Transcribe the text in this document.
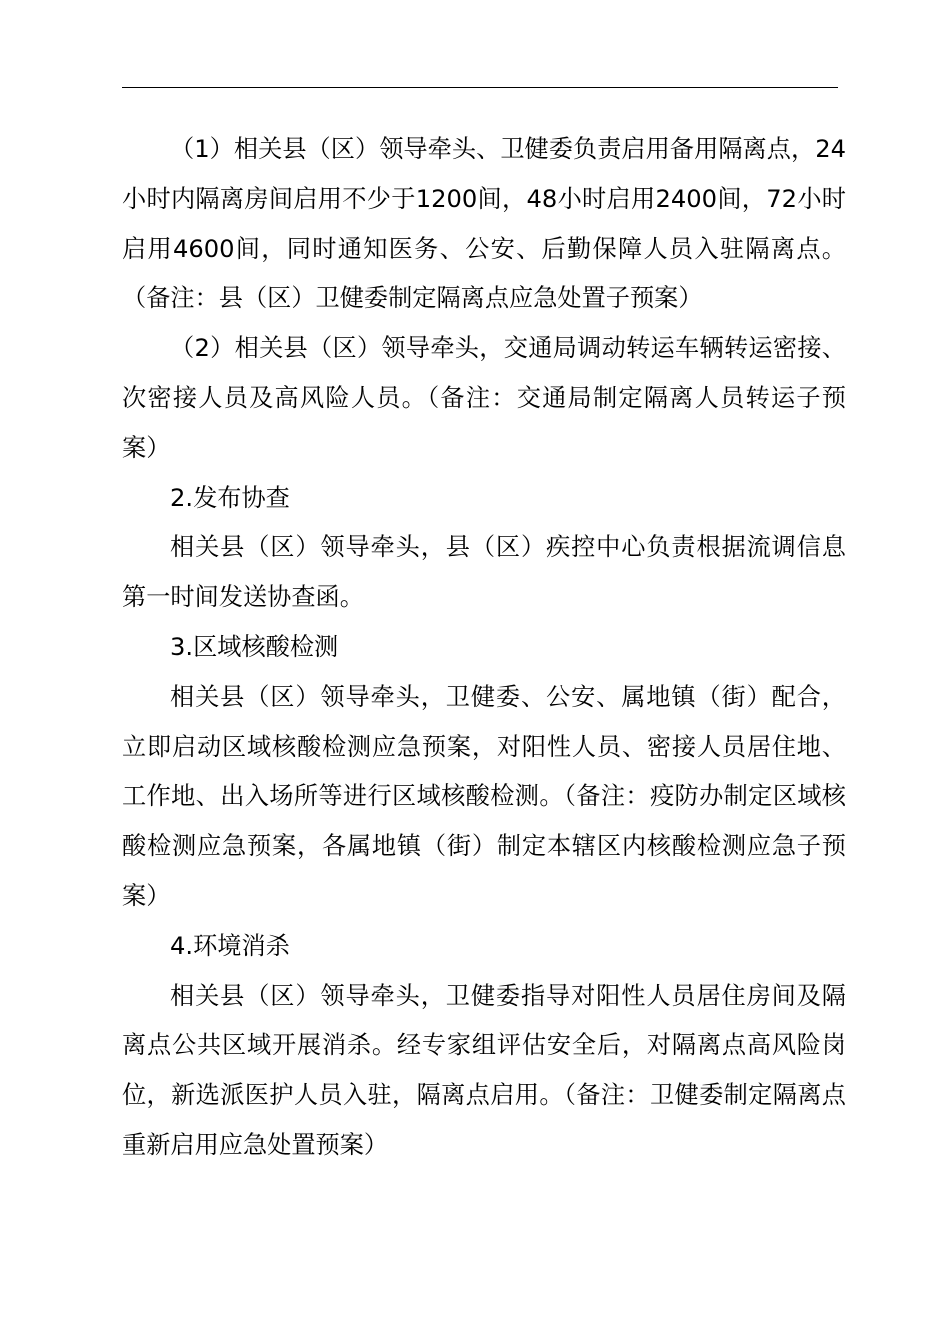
（1）相关县（区）领导牵头、卫健委负责启用备用隔离点，24小时内隔离房间启用不少于1200间，48小时启用2400间，72小时启用4600间，同时通知医务、公安、后勤保障人员入驻隔离点。（备注：县（区）卫健委制定隔离点应急处置子预案）

（2）相关县（区）领导牵头，交通局调动转运车辆转运密接、次密接人员及高风险人员。（备注：交通局制定隔离人员转运子预案）

2.发布协查

相关县（区）领导牵头，县（区）疾控中心负责根据流调信息第一时间发送协查函。

3.区域核酸检测

相关县（区）领导牵头，卫健委、公安、属地镇（街）配合，立即启动区域核酸检测应急预案，对阳性人员、密接人员居住地、工作地、出入场所等进行区域核酸检测。（备注：疫防办制定区域核酸检测应急预案，各属地镇（街）制定本辖区内核酸检测应急子预案）

4.环境消杀

相关县（区）领导牵头，卫健委指导对阳性人员居住房间及隔离点公共区域开展消杀。经专家组评估安全后，对隔离点高风险岗位，新选派医护人员入驻，隔离点启用。（备注：卫健委制定隔离点重新启用应急处置预案）
